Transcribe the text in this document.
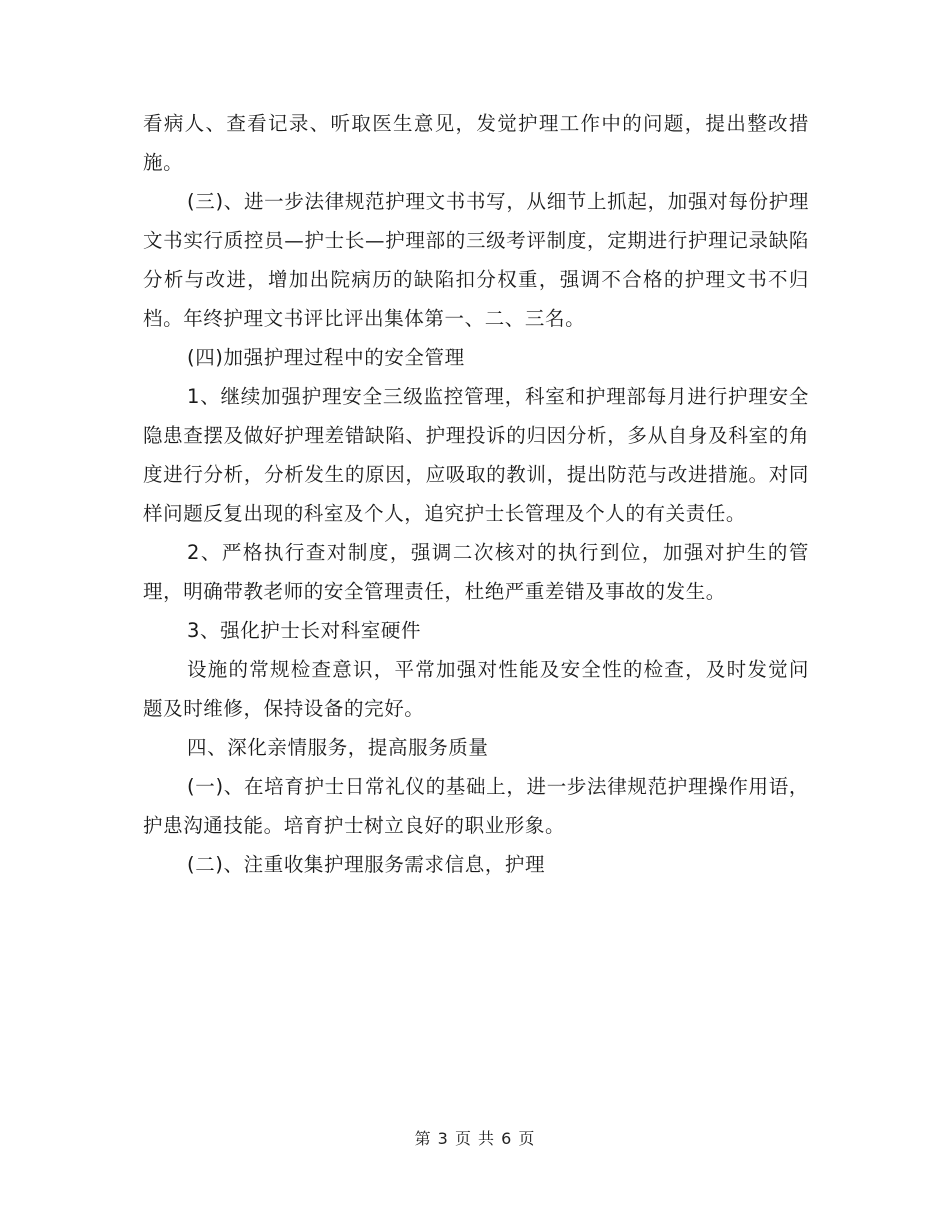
看病人、查看记录、听取医生意见，发觉护理工作中的问题，提出整改措施。

(三)、进一步法律规范护理文书书写，从细节上抓起，加强对每份护理文书实行质控员—护士长—护理部的三级考评制度，定期进行护理记录缺陷分析与改进，增加出院病历的缺陷扣分权重，强调不合格的护理文书不归档。年终护理文书评比评出集体第一、二、三名。

(四)加强护理过程中的安全管理

1、继续加强护理安全三级监控管理，科室和护理部每月进行护理安全隐患查摆及做好护理差错缺陷、护理投诉的归因分析，多从自身及科室的角度进行分析，分析发生的原因，应吸取的教训，提出防范与改进措施。对同样问题反复出现的科室及个人，追究护士长管理及个人的有关责任。

2、严格执行查对制度，强调二次核对的执行到位，加强对护生的管理，明确带教老师的安全管理责任，杜绝严重差错及事故的发生。

3、强化护士长对科室硬件

设施的常规检查意识，平常加强对性能及安全性的检查，及时发觉问题及时维修，保持设备的完好。

四、深化亲情服务，提高服务质量

(一)、在培育护士日常礼仪的基础上，进一步法律规范护理操作用语，护患沟通技能。培育护士树立良好的职业形象。

(二)、注重收集护理服务需求信息，护理

第 3 页 共 6 页
